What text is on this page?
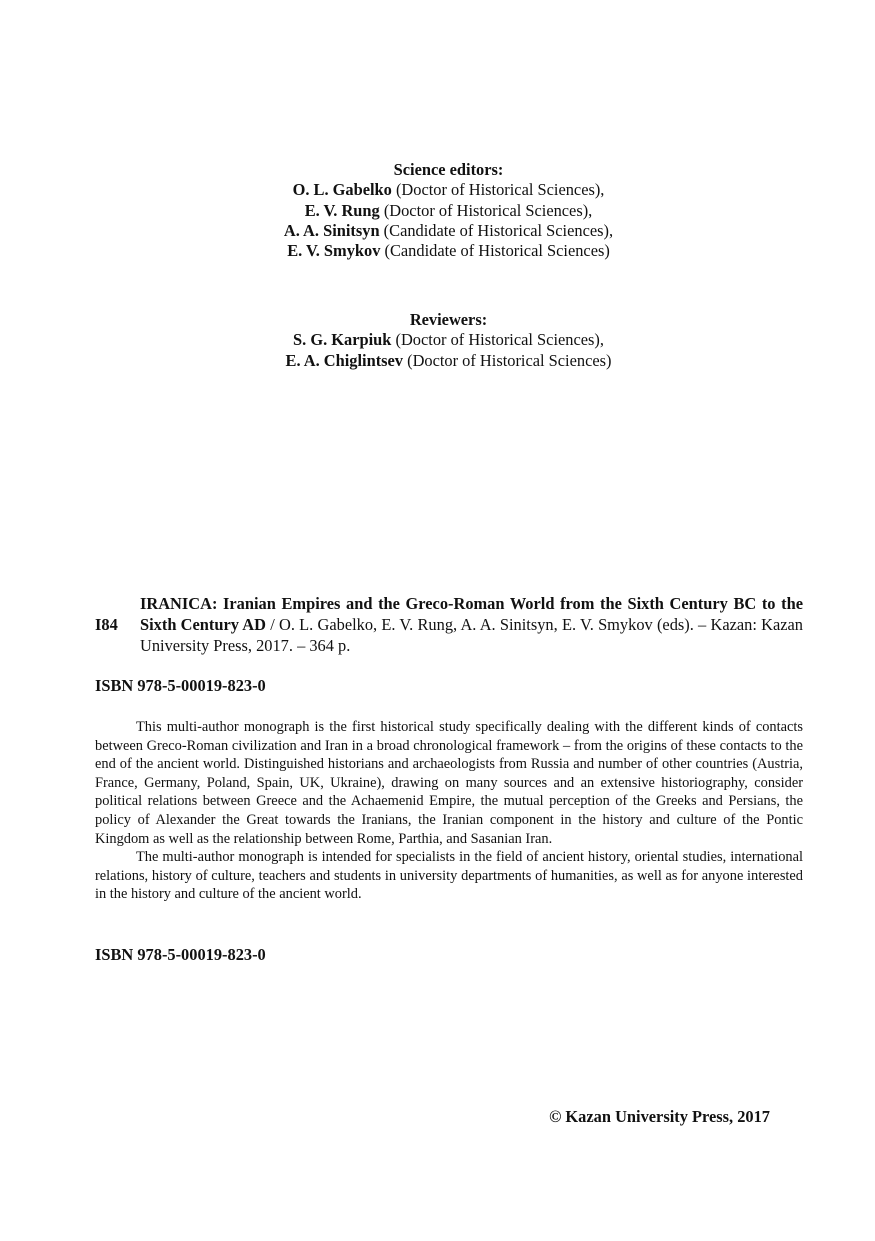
Science editors:
O. L. Gabelko (Doctor of Historical Sciences),
E. V. Rung (Doctor of Historical Sciences),
A. A. Sinitsyn (Candidate of Historical Sciences),
E. V. Smykov (Candidate of Historical Sciences)
Reviewers:
S. G. Karpiuk (Doctor of Historical Sciences),
E. A. Chiglintsev (Doctor of Historical Sciences)
I84
IRANICA: Iranian Empires and the Greco-Roman World from the Sixth Century BC to the Sixth Century AD / O. L. Gabelko, E. V. Rung, A. A. Sinitsyn, E. V. Smykov (eds). – Kazan: Kazan University Press, 2017. – 364 p.
ISBN 978-5-00019-823-0

This multi-author monograph is the first historical study specifically dealing with the different kinds of contacts between Greco-Roman civilization and Iran in a broad chronological framework – from the origins of these contacts to the end of the ancient world. Distinguished historians and archaeologists from Russia and number of other countries (Austria, France, Germany, Poland, Spain, UK, Ukraine), drawing on many sources and an extensive historiography, consider political relations between Greece and the Achaemenid Empire, the mutual perception of the Greeks and Persians, the policy of Alexander the Great towards the Iranians, the Iranian component in the history and culture of the Pontic Kingdom as well as the relationship between Rome, Parthia, and Sasanian Iran.

The multi-author monograph is intended for specialists in the field of ancient history, oriental studies, international relations, history of culture, teachers and students in university departments of humanities, as well as for anyone interested in the history and culture of the ancient world.

ISBN 978-5-00019-823-0
© Kazan University Press, 2017
